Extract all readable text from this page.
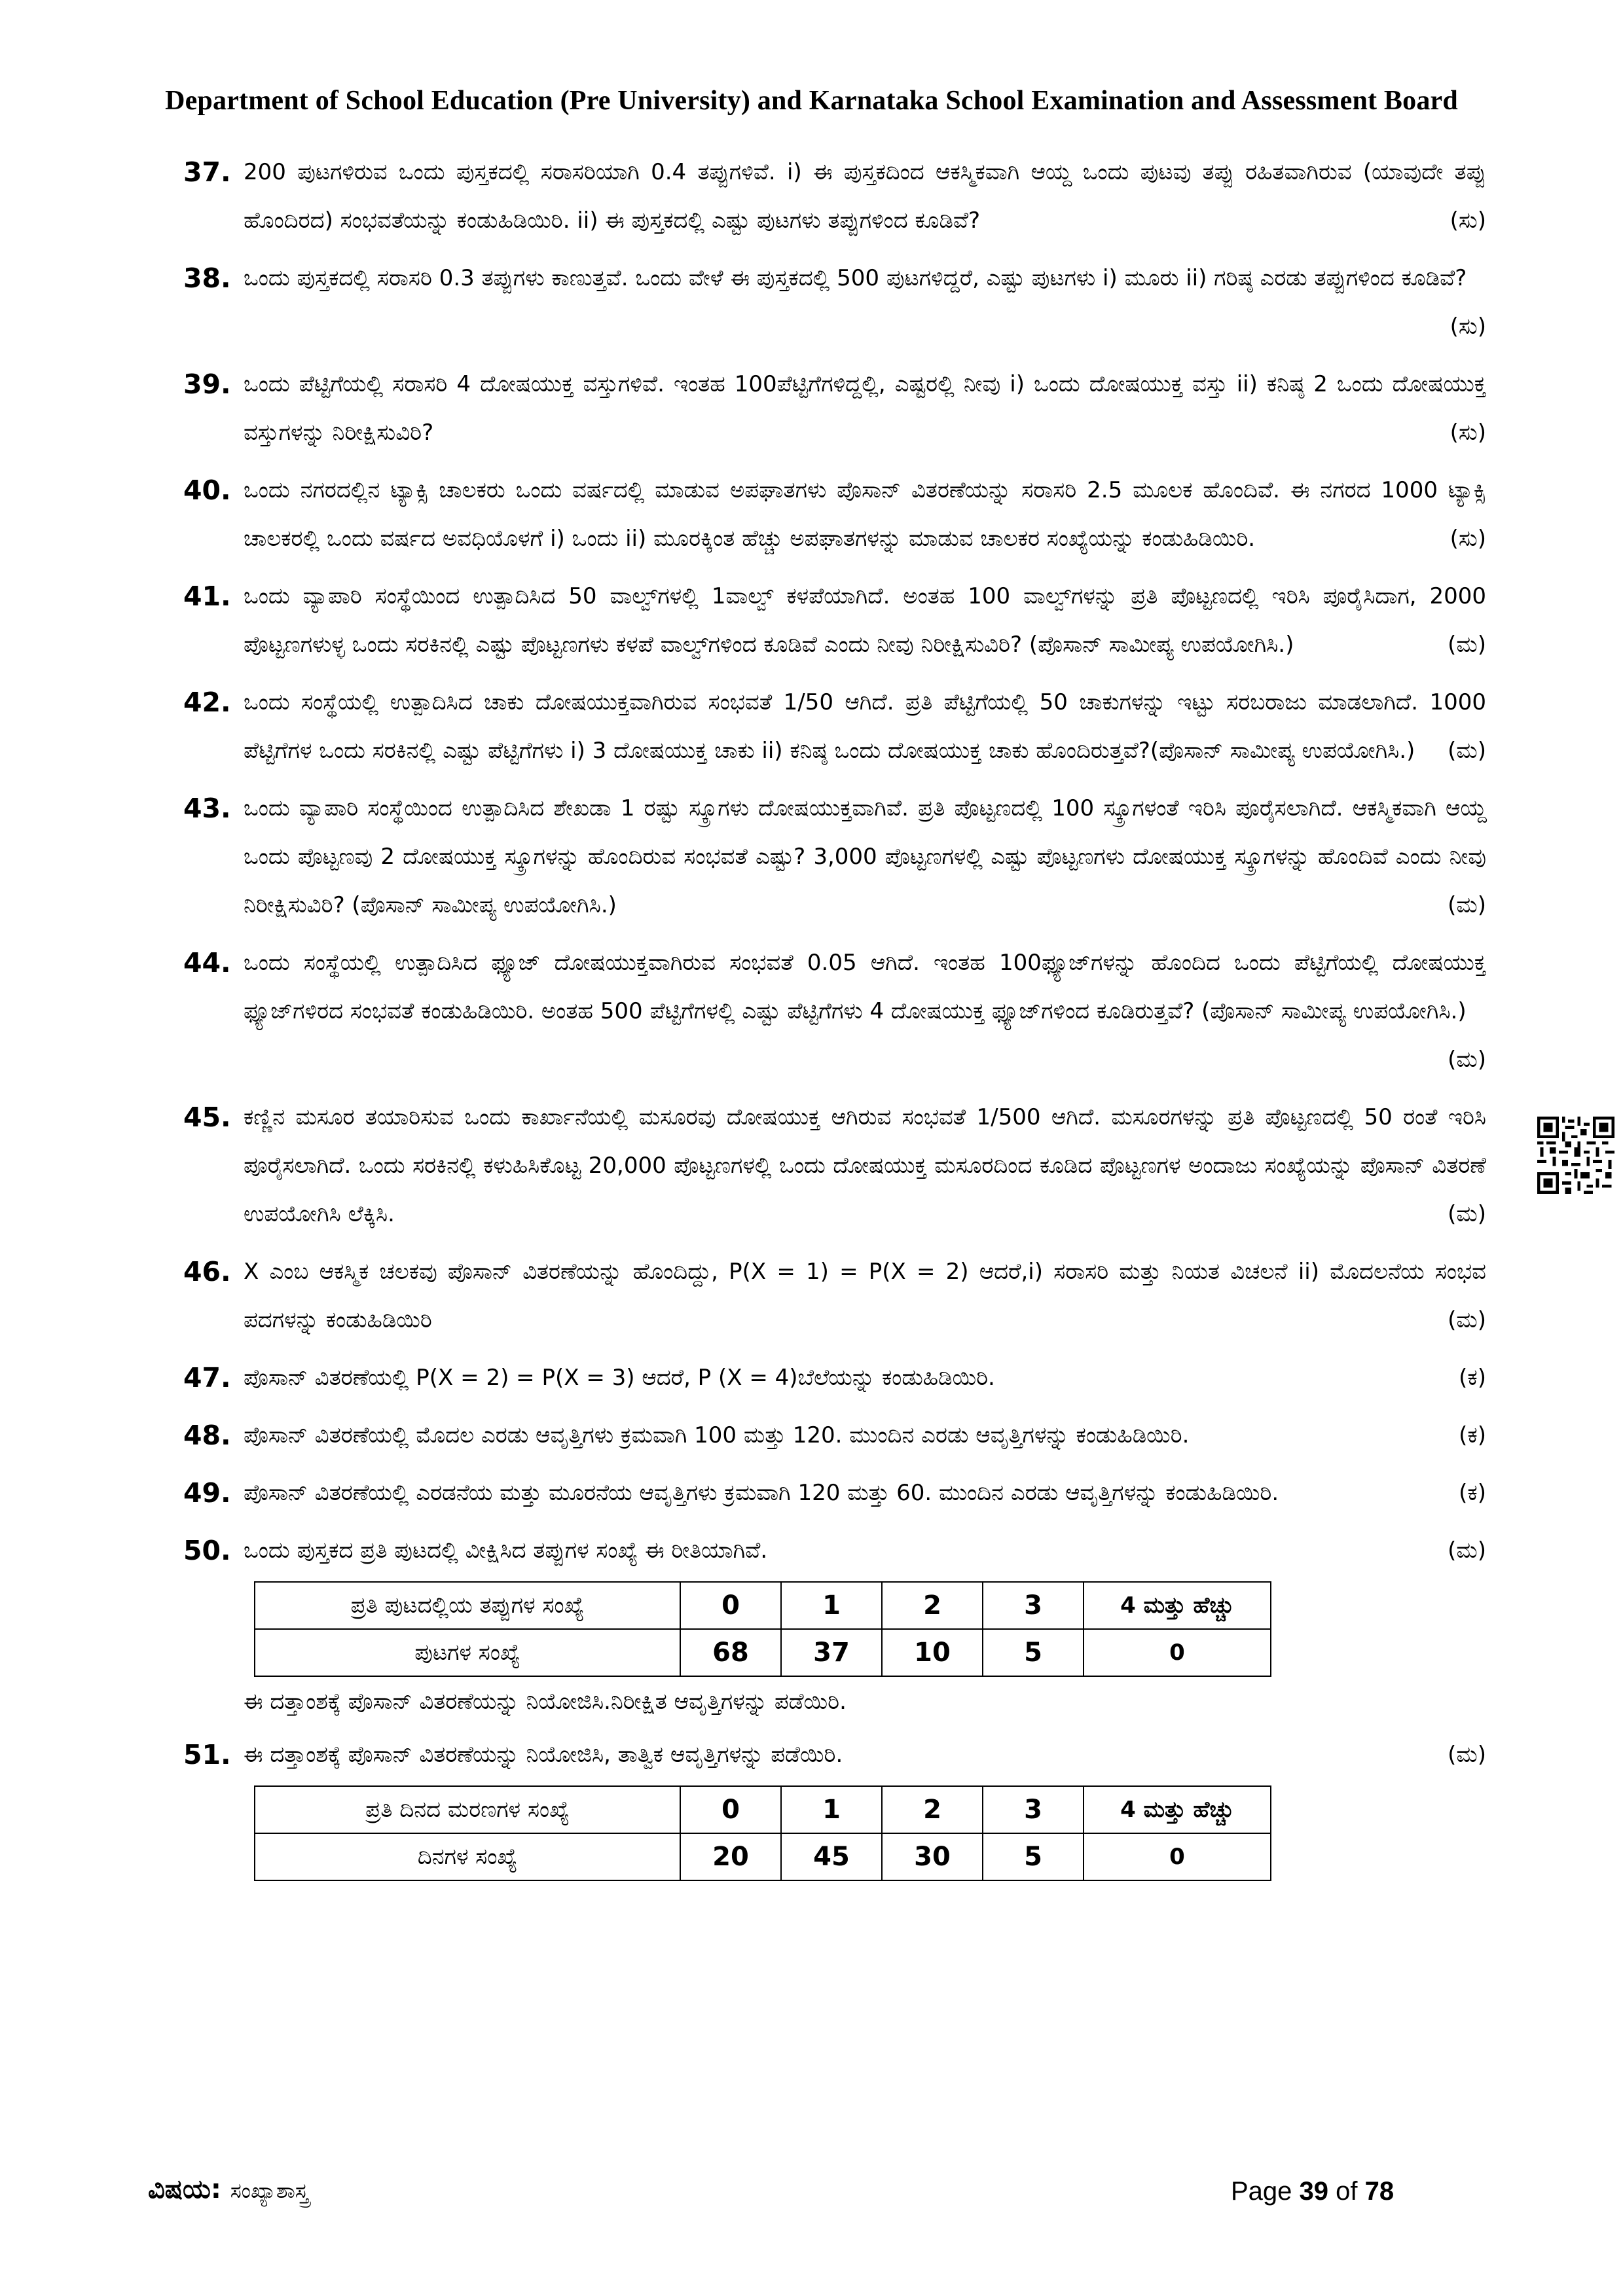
Department of School Education (Pre University) and Karnataka School Examination and Assessment Board
37. 200 ಪುಟಗಳಿರುವ ಒಂದು ಪುಸ್ತಕದಲ್ಲಿ ಸರಾಸರಿಯಾಗಿ 0.4 ತಪ್ಪುಗಳಿವೆ. i) ಈ ಪುಸ್ತಕದಿಂದ ಆಕಸ್ಮಿಕವಾಗಿ ಆಯ್ದ ಒಂದು ಪುಟವು ತಪ್ಪು ರಹಿತವಾಗಿರುವ (ಯಾವುದೇ ತಪ್ಪು ಹೊಂದಿರದ) ಸಂಭವತೆಯನ್ನು ಕಂಡುಹಿಡಿಯಿರಿ. ii) ಈ ಪುಸ್ತಕದಲ್ಲಿ ಎಷ್ಟು ಪುಟಗಳು ತಪ್ಪುಗಳಿಂದ ಕೂಡಿವೆ?	(ಸು)
38. ಒಂದು ಪುಸ್ತಕದಲ್ಲಿ ಸರಾಸರಿ 0.3 ತಪ್ಪುಗಳು ಕಾಣುತ್ತವೆ. ಒಂದು ವೇಳೆ ಈ ಪುಸ್ತಕದಲ್ಲಿ 500 ಪುಟಗಳಿದ್ದರೆ, ಎಷ್ಟು ಪುಟಗಳು i) ಮೂರು ii) ಗರಿಷ್ಠ ಎರಡು ತಪ್ಪುಗಳಿಂದ ಕೂಡಿವೆ?
(ಸು)
39. ಒಂದು ಪೆಟ್ಟಿಗೆಯಲ್ಲಿ ಸರಾಸರಿ 4 ದೋಷಯುಕ್ತ ವಸ್ತುಗಳಿವೆ. ಇಂತಹ 100ಪೆಟ್ಟಿಗೆಗಳಿದ್ದಲ್ಲಿ, ಎಷ್ಟರಲ್ಲಿ ನೀವು i) ಒಂದು ದೋಷಯುಕ್ತ ವಸ್ತು ii) ಕನಿಷ್ಠ 2 ಒಂದು ದೋಷಯುಕ್ತ ವಸ್ತುಗಳನ್ನು ನಿರೀಕ್ಷಿಸುವಿರಿ?	(ಸು)
40. ಒಂದು ನಗರದಲ್ಲಿನ ಟ್ಯಾಕ್ಸಿ ಚಾಲಕರು ಒಂದು ವರ್ಷದಲ್ಲಿ ಮಾಡುವ ಅಪಘಾತಗಳು ಪೊಸಾನ್ ವಿತರಣೆಯನ್ನು ಸರಾಸರಿ 2.5 ಮೂಲಕ ಹೊಂದಿವೆ. ಈ ನಗರದ 1000 ಟ್ಯಾಕ್ಸಿ ಚಾಲಕರಲ್ಲಿ ಒಂದು ವರ್ಷದ ಅವಧಿಯೊಳಗೆ i) ಒಂದು ii) ಮೂರಕ್ಕಿಂತ ಹೆಚ್ಚು ಅಪಘಾತಗಳನ್ನು ಮಾಡುವ ಚಾಲಕರ ಸಂಖ್ಯೆಯನ್ನು ಕಂಡುಹಿಡಿಯಿರಿ.	(ಸು)
41. ಒಂದು ವ್ಯಾಪಾರಿ ಸಂಸ್ಥೆಯಿಂದ ಉತ್ಪಾದಿಸಿದ 50 ವಾಲ್ವ್‌ಗಳಲ್ಲಿ 1ವಾಲ್ವ್ ಕಳಪೆಯಾಗಿದೆ. ಅಂತಹ 100 ವಾಲ್ವ್‌ಗಳನ್ನು ಪ್ರತಿ ಪೊಟ್ಟಣದಲ್ಲಿ ಇರಿಸಿ ಪೂರೈಸಿದಾಗ, 2000 ಪೊಟ್ಟಣಗಳುಳ್ಳ ಒಂದು ಸರಕಿನಲ್ಲಿ ಎಷ್ಟು ಪೊಟ್ಟಣಗಳು ಕಳಪೆ ವಾಲ್ವ್‌ಗಳಿಂದ ಕೂಡಿವೆ ಎಂದು ನೀವು ನಿರೀಕ್ಷಿಸುವಿರಿ? (ಪೊಸಾನ್ ಸಾಮೀಪ್ಯ ಉಪಯೋಗಿಸಿ.)	(ಮ)
42. ಒಂದು ಸಂಸ್ಥೆಯಲ್ಲಿ ಉತ್ಪಾದಿಸಿದ ಚಾಕು ದೋಷಯುಕ್ತವಾಗಿರುವ ಸಂಭವತೆ 1/50 ಆಗಿದೆ. ಪ್ರತಿ ಪೆಟ್ಟಿಗೆಯಲ್ಲಿ 50 ಚಾಕುಗಳನ್ನು ಇಟ್ಟು ಸರಬರಾಜು ಮಾಡಲಾಗಿದೆ. 1000 ಪೆಟ್ಟಿಗೆಗಳ ಒಂದು ಸರಕಿನಲ್ಲಿ ಎಷ್ಟು ಪೆಟ್ಟಿಗೆಗಳು i) 3 ದೋಷಯುಕ್ತ ಚಾಕು ii) ಕನಿಷ್ಠ ಒಂದು ದೋಷಯುಕ್ತ ಚಾಕು ಹೊಂದಿರುತ್ತವೆ?(ಪೊಸಾನ್ ಸಾಮೀಪ್ಯ ಉಪಯೋಗಿಸಿ.) (ಮ)
43. ಒಂದು ವ್ಯಾಪಾರಿ ಸಂಸ್ಥೆಯಿಂದ ಉತ್ಪಾದಿಸಿದ ಶೇಖಡಾ 1 ರಷ್ಟು ಸ್ಕ್ರೂಗಳು ದೋಷಯುಕ್ತವಾಗಿವೆ. ಪ್ರತಿ ಪೊಟ್ಟಣದಲ್ಲಿ 100 ಸ್ಕ್ರೂಗಳಂತೆ ಇರಿಸಿ ಪೂರೈಸಲಾಗಿದೆ. ಆಕಸ್ಮಿಕವಾಗಿ ಆಯ್ದ ಒಂದು ಪೊಟ್ಟಣವು 2 ದೋಷಯುಕ್ತ ಸ್ಕ್ರೂಗಳನ್ನು ಹೊಂದಿರುವ ಸಂಭವತೆ ಎಷ್ಟು? 3,000 ಪೊಟ್ಟಣಗಳಲ್ಲಿ ಎಷ್ಟು ಪೊಟ್ಟಣಗಳು ದೋಷಯುಕ್ತ ಸ್ಕ್ರೂಗಳನ್ನು ಹೊಂದಿವೆ ಎಂದು ನೀವು ನಿರೀಕ್ಷಿಸುವಿರಿ? (ಪೊಸಾನ್ ಸಾಮೀಪ್ಯ ಉಪಯೋಗಿಸಿ.)	(ಮ)
44. ಒಂದು ಸಂಸ್ಥೆಯಲ್ಲಿ ಉತ್ಪಾದಿಸಿದ ಫ್ಯೂಜ್ ದೋಷಯುಕ್ತವಾಗಿರುವ ಸಂಭವತೆ 0.05 ಆಗಿದೆ. ಇಂತಹ 100ಫ್ಯೂಜ್‌ಗಳನ್ನು ಹೊಂದಿದ ಒಂದು ಪೆಟ್ಟಿಗೆಯಲ್ಲಿ ದೋಷಯುಕ್ತ ಫ್ಯೂಜ್‌ಗಳಿರದ ಸಂಭವತೆ ಕಂಡುಹಿಡಿಯಿರಿ. ಅಂತಹ 500 ಪೆಟ್ಟಿಗೆಗಳಲ್ಲಿ ಎಷ್ಟು ಪೆಟ್ಟಿಗೆಗಳು 4 ದೋಷಯುಕ್ತ ಫ್ಯೂಜ್‌ಗಳಿಂದ ಕೂಡಿರುತ್ತವೆ? (ಪೊಸಾನ್ ಸಾಮೀಪ್ಯ ಉಪಯೋಗಿಸಿ.)
(ಮ)
45. ಕಣ್ಣಿನ ಮಸೂರ ತಯಾರಿಸುವ ಒಂದು ಕಾರ್ಖಾನೆಯಲ್ಲಿ ಮಸೂರವು ದೋಷಯುಕ್ತ ಆಗಿರುವ ಸಂಭವತೆ 1/500 ಆಗಿದೆ. ಮಸೂರಗಳನ್ನು ಪ್ರತಿ ಪೊಟ್ಟಣದಲ್ಲಿ 50 ರಂತೆ ಇರಿಸಿ ಪೂರೈಸಲಾಗಿದೆ. ಒಂದು ಸರಕಿನಲ್ಲಿ ಕಳುಹಿಸಿಕೊಟ್ಟ 20,000 ಪೊಟ್ಟಣಗಳಲ್ಲಿ ಒಂದು ದೋಷಯುಕ್ತ ಮಸೂರದಿಂದ ಕೂಡಿದ ಪೊಟ್ಟಣಗಳ ಅಂದಾಜು ಸಂಖ್ಯೆಯನ್ನು ಪೊಸಾನ್ ವಿತರಣೆ ಉಪಯೋಗಿಸಿ ಲೆಕ್ಕಿಸಿ.	(ಮ)
46. X ಎಂಬ ಆಕಸ್ಮಿಕ ಚಲಕವು ಪೊಸಾನ್ ವಿತರಣೆಯನ್ನು ಹೊಂದಿದ್ದು, P(X = 1) = P(X = 2) ಆದರೆ,i) ಸರಾಸರಿ ಮತ್ತು ನಿಯತ ವಿಚಲನೆ ii) ಮೊದಲನೆಯ ಸಂಭವ ಪದಗಳನ್ನು ಕಂಡುಹಿಡಿಯಿರಿ	(ಮ)
47. ಪೊಸಾನ್ ವಿತರಣೆಯಲ್ಲಿ P(X = 2) = P(X = 3) ಆದರೆ, P (X = 4)ಬೆಲೆಯನ್ನು ಕಂಡುಹಿಡಿಯಿರಿ.	(ಕ)
48. ಪೊಸಾನ್ ವಿತರಣೆಯಲ್ಲಿ ಮೊದಲ ಎರಡು ಆವೃತ್ತಿಗಳು ಕ್ರಮವಾಗಿ 100 ಮತ್ತು 120. ಮುಂದಿನ ಎರಡು ಆವೃತ್ತಿಗಳನ್ನು ಕಂಡುಹಿಡಿಯಿರಿ.	(ಕ)
49. ಪೊಸಾನ್ ವಿತರಣೆಯಲ್ಲಿ ಎರಡನೆಯ ಮತ್ತು ಮೂರನೆಯ ಆವೃತ್ತಿಗಳು ಕ್ರಮವಾಗಿ 120 ಮತ್ತು 60. ಮುಂದಿನ ಎರಡು ಆವೃತ್ತಿಗಳನ್ನು ಕಂಡುಹಿಡಿಯಿರಿ.	(ಕ)
50.	(ಮ)
ಒಂದು ಪುಸ್ತಕದ ಪ್ರತಿ ಪುಟದಲ್ಲಿ ವೀಕ್ಷಿಸಿದ ತಪ್ಪುಗಳ ಸಂಖ್ಯೆ ಈ ರೀತಿಯಾಗಿವೆ.
ಪ್ರತಿ ಪುಟದಲ್ಲಿಯ ತಪ್ಪುಗಳ ಸಂಖ್ಯೆ	0	1	2	3	4 ಮತ್ತು ಹೆಚ್ಚು
ಪುಟಗಳ ಸಂಖ್ಯೆ	68	37	10	5	0
ಈ ದತ್ತಾಂಶಕ್ಕೆ ಪೊಸಾನ್ ವಿತರಣೆಯನ್ನು ನಿಯೋಜಿಸಿ.ನಿರೀಕ್ಷಿತ ಆವೃತ್ತಿಗಳನ್ನು ಪಡೆಯಿರಿ.
51.	(ಮ)
ಈ ದತ್ತಾಂಶಕ್ಕೆ ಪೊಸಾನ್ ವಿತರಣೆಯನ್ನು ನಿಯೋಜಿಸಿ, ತಾತ್ವಿಕ ಆವೃತ್ತಿಗಳನ್ನು ಪಡೆಯಿರಿ.
ಪ್ರತಿ ದಿನದ ಮರಣಗಳ ಸಂಖ್ಯೆ	0	1	2	3	4 ಮತ್ತು ಹೆಚ್ಚು
ದಿನಗಳ ಸಂಖ್ಯೆ	20	45	30	5	0
ವಿಷಯ: ಸಂಖ್ಯಾಶಾಸ್ತ್ರ	Page 39 of 78
